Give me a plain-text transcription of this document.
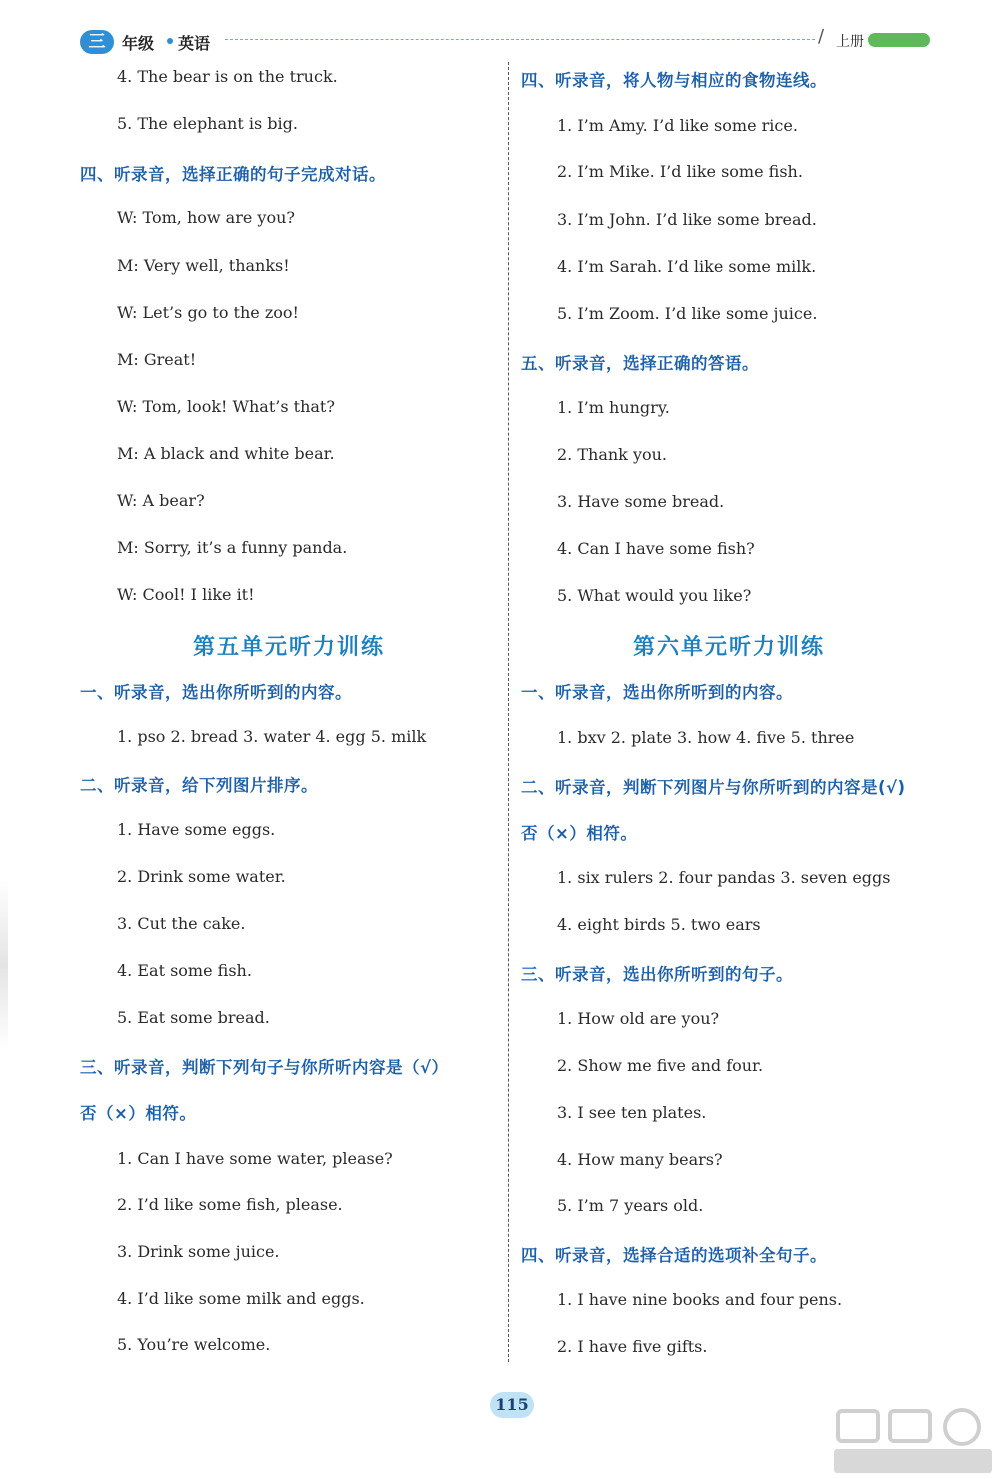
三	年级 英语	∕ 上册
4. The bear is on the truck.
5. The elephant is big.
四、听录音，选择正确的句子完成对话。
W: Tom, how are you?
M: Very well, thanks!
W: Let’s go to the zoo!
M: Great!
W: Tom, look! What’s that?
M: A black and white bear.
W: A bear?
M: Sorry, it’s a funny panda.
W: Cool! I like it!
第五单元听力训练
一、听录音，选出你所听到的内容。
1. pso 2. bread 3. water 4. egg 5. milk
二、听录音，给下列图片排序。
1. Have some eggs.
2. Drink some water.
3. Cut the cake.
4. Eat some fish.
5. Eat some bread.
三、听录音，判断下列句子与你所听内容是（√）
否（×）相符。
1. Can I have some water, please?
2. I’d like some fish, please.
3. Drink some juice.
4. I’d like some milk and eggs.
5. You’re welcome.
四、听录音，将人物与相应的食物连线。
1. I’m Amy. I’d like some rice.
2. I’m Mike. I’d like some fish.
3. I’m John. I’d like some bread.
4. I’m Sarah. I’d like some milk.
5. I’m Zoom. I’d like some juice.
五、听录音，选择正确的答语。
1. I’m hungry.
2. Thank you.
3. Have some bread.
4. Can I have some fish?
5. What would you like?
第六单元听力训练
一、听录音，选出你所听到的内容。
1. bxv 2. plate 3. how 4. five 5. three
二、听录音，判断下列图片与你所听到的内容是(√)
否（×）相符。
1. six rulers 2. four pandas 3. seven eggs
4. eight birds 5. two ears
三、听录音，选出你所听到的句子。
1. How old are you?
2. Show me five and four.
3. I see ten plates.
4. How many bears?
5. I’m 7 years old.
四、听录音，选择合适的选项补全句子。
1. I have nine books and four pens.
2. I have five gifts.
115
